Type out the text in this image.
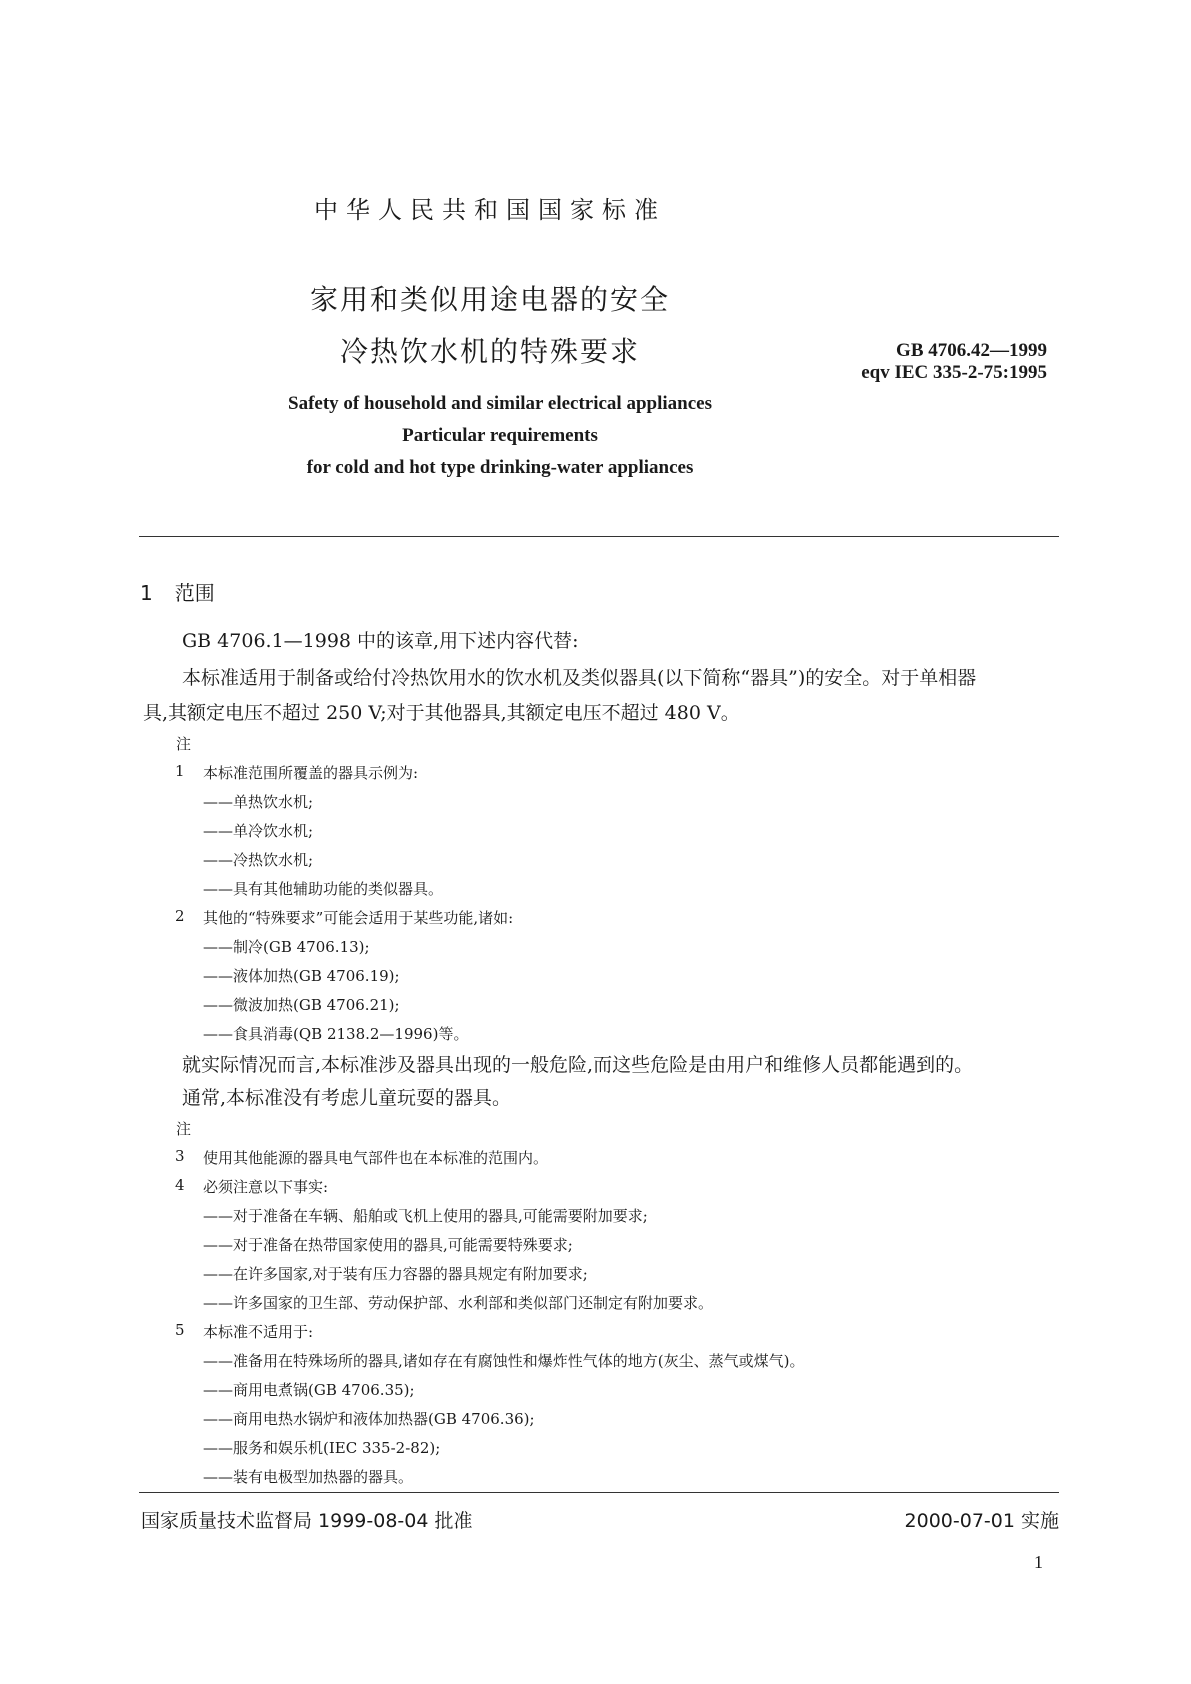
中华人民共和国国家标准
家用和类似用途电器的安全
冷热饮水机的特殊要求	GB 4706.42—1999
eqv IEC 335-2-75:1995
Safety of household and similar electrical appliances
Particular requirements
for cold and hot type drinking-water appliances
1 范围
GB 4706.1—1998 中的该章,用下述内容代替:
本标准适用于制备或给付冷热饮用水的饮水机及类似器具(以下简称“器具”)的安全。对于单相器
具,其额定电压不超过 250 V;对于其他器具,其额定电压不超过 480 V。
注
1 本标准范围所覆盖的器具示例为:
——单热饮水机;
——单冷饮水机;
——冷热饮水机;
——具有其他辅助功能的类似器具。
2 其他的“特殊要求”可能会适用于某些功能,诸如:
——制冷(GB 4706.13);
——液体加热(GB 4706.19);
——微波加热(GB 4706.21);
——食具消毒(QB 2138.2—1996)等。
就实际情况而言,本标准涉及器具出现的一般危险,而这些危险是由用户和维修人员都能遇到的。
通常,本标准没有考虑儿童玩耍的器具。
注
3 使用其他能源的器具电气部件也在本标准的范围内。
4 必须注意以下事实:
——对于准备在车辆、船舶或飞机上使用的器具,可能需要附加要求;
——对于准备在热带国家使用的器具,可能需要特殊要求;
——在许多国家,对于装有压力容器的器具规定有附加要求;
——许多国家的卫生部、劳动保护部、水利部和类似部门还制定有附加要求。
5 本标准不适用于:
——准备用在特殊场所的器具,诸如存在有腐蚀性和爆炸性气体的地方(灰尘、蒸气或煤气)。
——商用电煮锅(GB 4706.35);
——商用电热水锅炉和液体加热器(GB 4706.36);
——服务和娱乐机(IEC 335-2-82);
——装有电极型加热器的器具。
国家质量技术监督局 1999-08-04 批准	2000-07-01 实施
1
